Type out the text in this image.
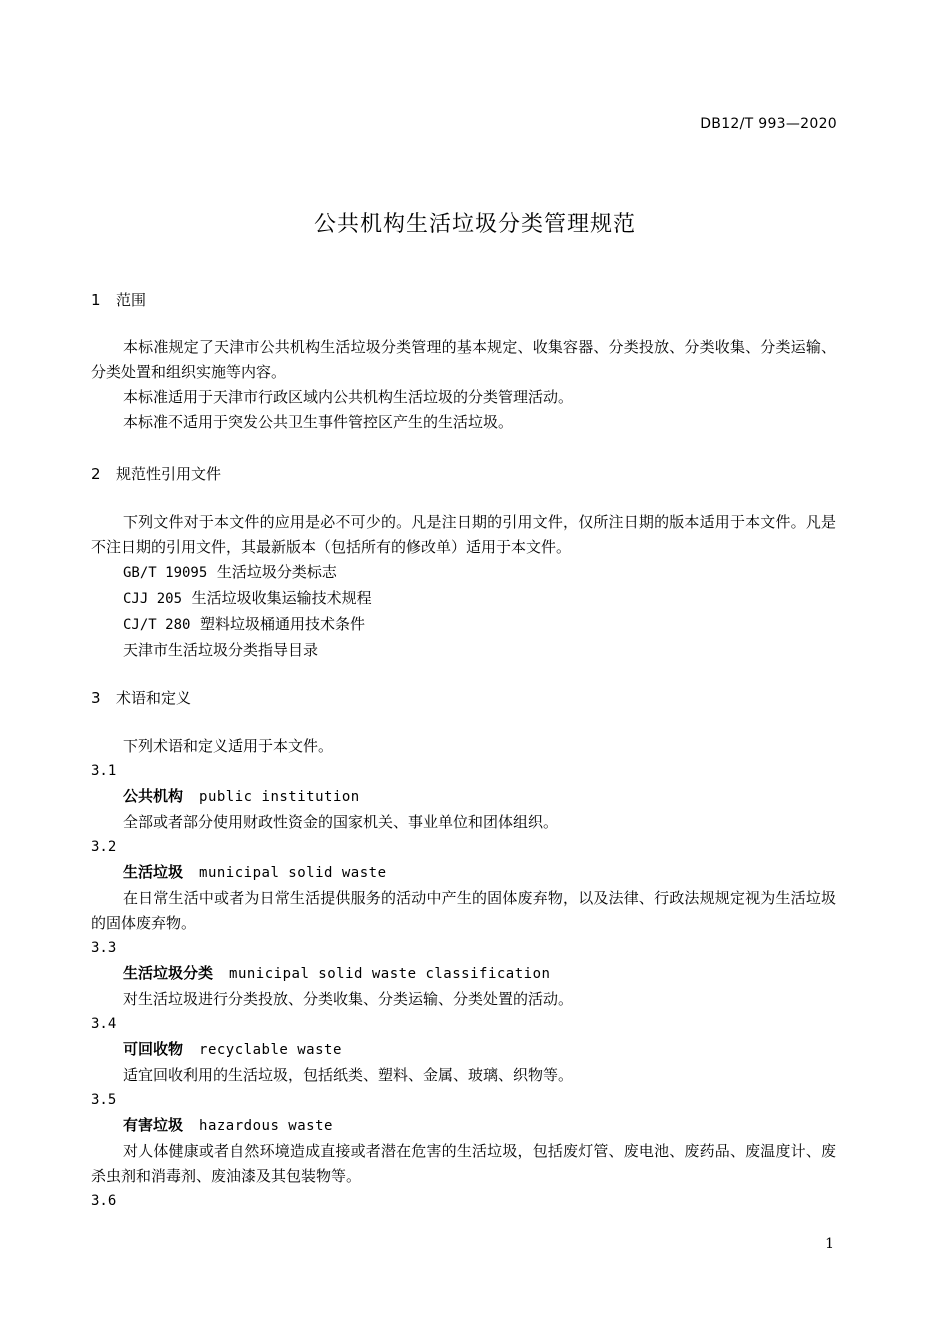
DB12/T 993—2020
公共机构生活垃圾分类管理规范
1 范围

本标准规定了天津市公共机构生活垃圾分类管理的基本规定、收集容器、分类投放、分类收集、分类运输、分类处置和组织实施等内容。

本标准适用于天津市行政区域内公共机构生活垃圾的分类管理活动。

本标准不适用于突发公共卫生事件管控区产生的生活垃圾。

2 规范性引用文件

下列文件对于本文件的应用是必不可少的。凡是注日期的引用文件，仅所注日期的版本适用于本文件。凡是不注日期的引用文件，其最新版本（包括所有的修改单）适用于本文件。

GB/T 19095 生活垃圾分类标志

CJJ 205 生活垃圾收集运输技术规程

CJ/T 280 塑料垃圾桶通用技术条件

天津市生活垃圾分类指导目录

3 术语和定义

下列术语和定义适用于本文件。

3.1

公共机构 public institution

全部或者部分使用财政性资金的国家机关、事业单位和团体组织。

3.2

生活垃圾 municipal solid waste

在日常生活中或者为日常生活提供服务的活动中产生的固体废弃物，以及法律、行政法规规定视为生活垃圾的固体废弃物。

3.3

生活垃圾分类 municipal solid waste classification

对生活垃圾进行分类投放、分类收集、分类运输、分类处置的活动。

3.4

可回收物 recyclable waste

适宜回收利用的生活垃圾，包括纸类、塑料、金属、玻璃、织物等。

3.5

有害垃圾 hazardous waste

对人体健康或者自然环境造成直接或者潜在危害的生活垃圾，包括废灯管、废电池、废药品、废温度计、废杀虫剂和消毒剂、废油漆及其包装物等。

3.6

1
